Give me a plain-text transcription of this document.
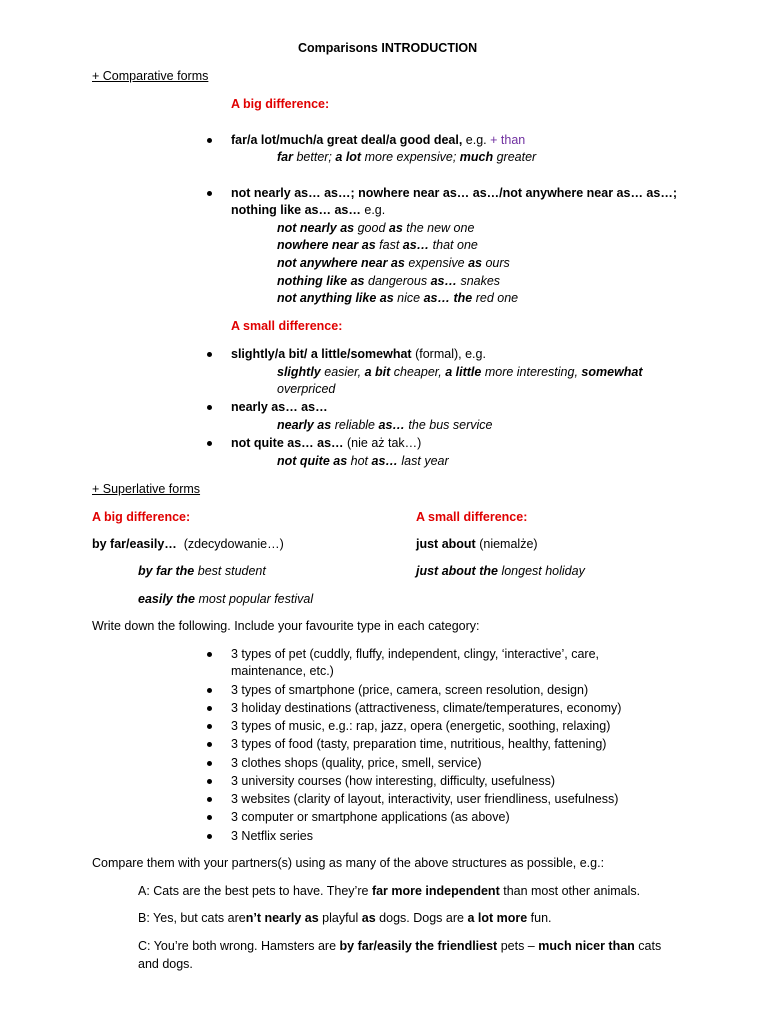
Comparisons INTRODUCTION
+ Comparative forms
A big difference:
far/a lot/much/a great deal/a good deal, e.g. + than
far better; a lot more expensive; much greater
not nearly as… as…; nowhere near as… as…/not anywhere near as… as…;
nothing like as… as… e.g.
not nearly as good as the new one
nowhere near as fast as… that one
not anywhere near as expensive as ours
nothing like as dangerous as… snakes
not anything like as nice as… the red one
A small difference:
slightly/a bit/ a little/somewhat (formal), e.g.
slightly easier, a bit cheaper, a little more interesting, somewhat
overpriced
nearly as… as…
nearly as reliable as… the bus service
not quite as… as… (nie aż tak…)
not quite as hot as… last year
+ Superlative forms
A big difference:	A small difference:
by far/easily… (zdecydowanie…)	just about (niemalże)
by far the best student	just about the longest holiday
easily the most popular festival
Write down the following. Include your favourite type in each category:
3 types of pet (cuddly, fluffy, independent, clingy, ‘interactive’, care,
maintenance, etc.)
3 types of smartphone (price, camera, screen resolution, design)
3 holiday destinations (attractiveness, climate/temperatures, economy)
3 types of music, e.g.: rap, jazz, opera (energetic, soothing, relaxing)
3 types of food (tasty, preparation time, nutritious, healthy, fattening)
3 clothes shops (quality, price, smell, service)
3 university courses (how interesting, difficulty, usefulness)
3 websites (clarity of layout, interactivity, user friendliness, usefulness)
3 computer or smartphone applications (as above)
3 Netflix series
Compare them with your partners(s) using as many of the above structures as possible, e.g.:
A: Cats are the best pets to have. They’re far more independent than most other animals.
B: Yes, but cats aren’t nearly as playful as dogs. Dogs are a lot more fun.
C: You’re both wrong. Hamsters are by far/easily the friendliest pets – much nicer than cats
and dogs.
